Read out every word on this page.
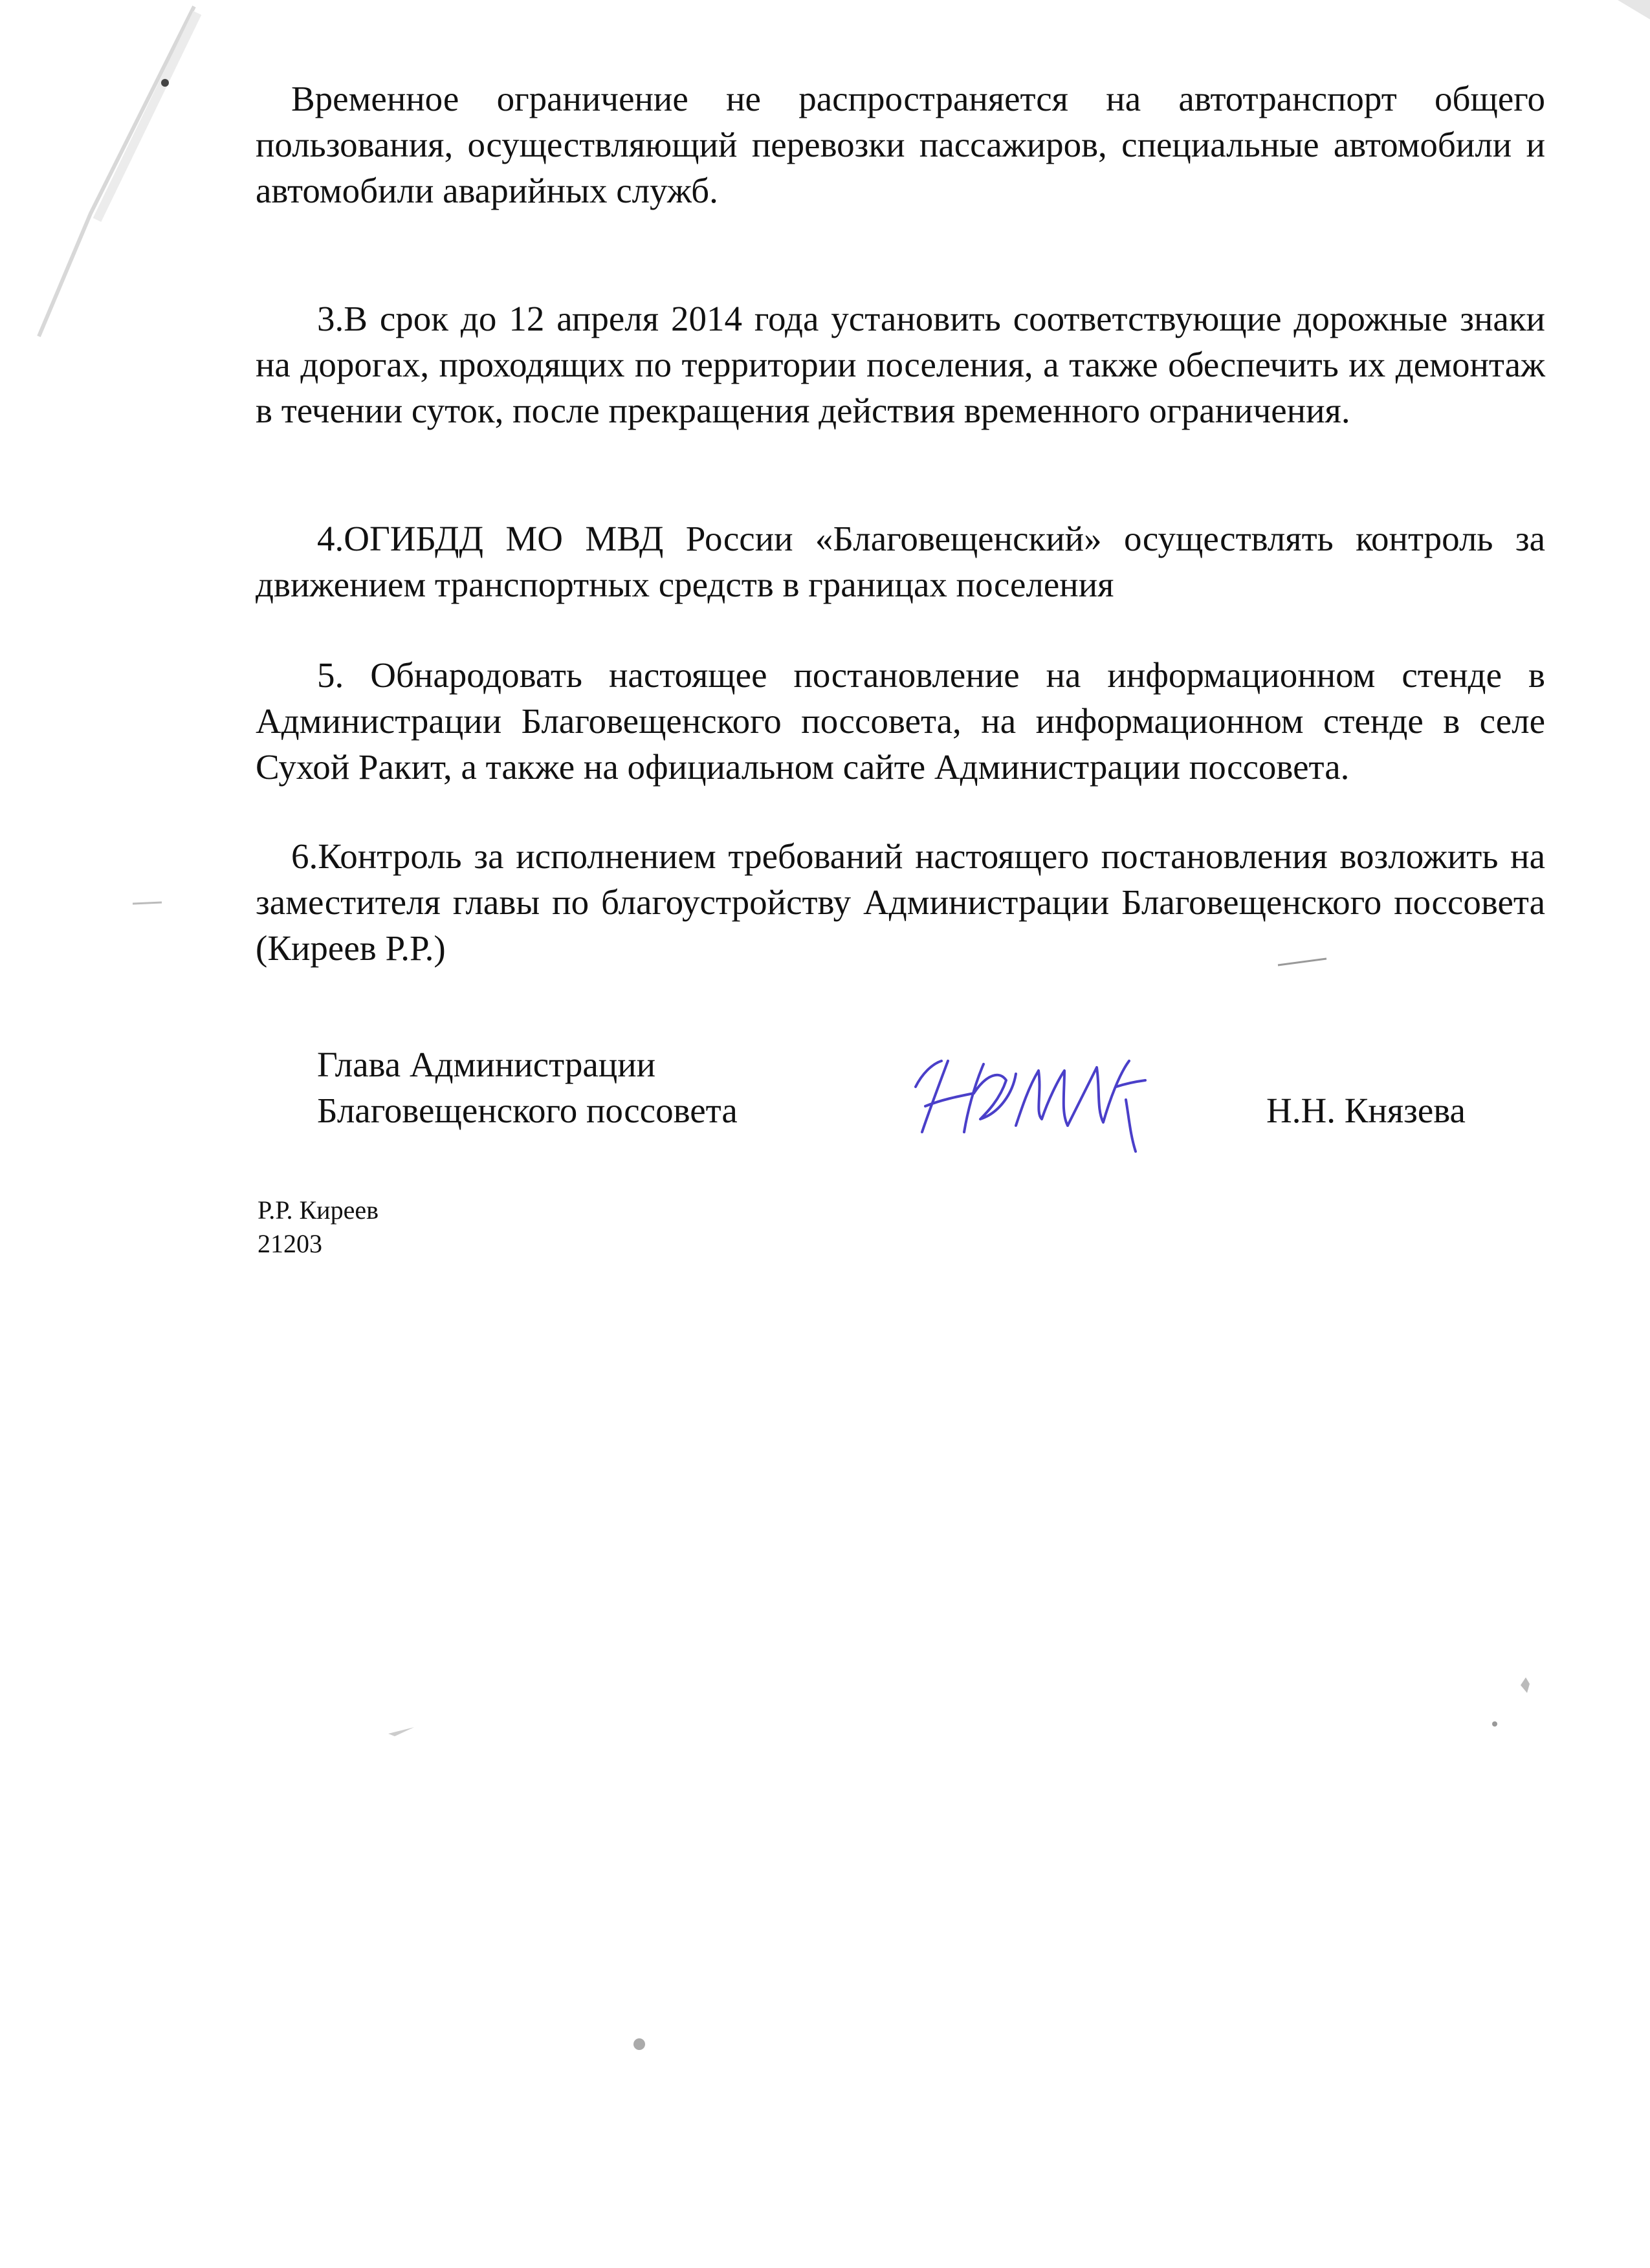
Временное ограничение не распространяется на автотранспорт общего пользования, осуществляющий перевозки пассажиров, специальные автомобили и автомобили аварийных служб.

3.В срок до 12 апреля 2014 года установить соответствующие дорожные знаки на дорогах, проходящих по территории поселения, а также обеспечить их демонтаж в течении суток, после прекращения действия временного ограничения.

4.ОГИБДД МО МВД России «Благовещенский» осуществлять контроль за движением транспортных средств в границах поселения

5. Обнародовать настоящее постановление на информационном стенде в Администрации Благовещенского поссовета, на информационном стенде в селе Сухой Ракит, а также на официальном сайте Администрации поссовета.

6.Контроль за исполнением требований настоящего постановления возложить на заместителя главы по благоустройству Администрации Благовещенского поссовета (Киреев Р.Р.)

Глава Администрации
Благовещенского поссовета	Н.Н. Князева
Р.Р. Киреев
21203
